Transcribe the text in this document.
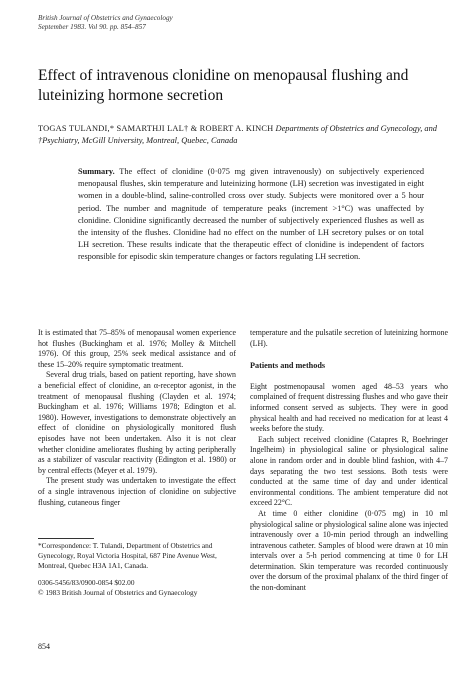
British Journal of Obstetrics and Gynaecology
September 1983. Vol 90. pp. 854–857
Effect of intravenous clonidine on menopausal flushing and luteinizing hormone secretion
TOGAS TULANDI,* SAMARTHJI LAL† & ROBERT A. KINCH Departments of Obstetrics and Gynecology, and †Psychiatry, McGill University, Montreal, Quebec, Canada
Summary. The effect of clonidine (0·075 mg given intravenously) on subjectively experienced menopausal flushes, skin temperature and luteinizing hormone (LH) secretion was investigated in eight women in a double-blind, saline-controlled cross over study. Subjects were monitored over a 5 hour period. The number and magnitude of temperature peaks (increment >1°C) was unaffected by clonidine. Clonidine significantly decreased the number of subjectively experienced flushes as well as the intensity of the flushes. Clonidine had no effect on the number of LH secretory pulses or on total LH secretion. These results indicate that the therapeutic effect of clonidine is independent of factors responsible for episodic skin temperature changes or factors regulating LH secretion.

It is estimated that 75–85% of menopausal women experience hot flushes (Buckingham et al. 1976; Molley & Mitchell 1976). Of this group, 25% seek medical assistance and of these 15–20% require symptomatic treatment.

Several drug trials, based on patient reporting, have shown a beneficial effect of clonidine, an α-receptor agonist, in the treatment of menopausal flushing (Clayden et al. 1974; Buckingham et al. 1976; Williams 1978; Edington et al. 1980). However, investigations to demonstrate objectively an effect of clonidine on physiologically monitored flush episodes have not been undertaken. Also it is not clear whether clonidine ameliorates flushing by acting peripherally as a stabilizer of vascular reactivity (Edington et al. 1980) or by central effects (Meyer et al. 1979).

The present study was undertaken to investigate the effect of a single intravenous injection of clonidine on subjective flushing, cutaneous finger

*Correspondence: T. Tulandi, Department of Obstetrics and Gynecology, Royal Victoria Hospital, 687 Pine Avenue West, Montreal, Quebec H3A 1A1, Canada.

0306-5456/83/0900-0854 $02.00

© 1983 British Journal of Obstetrics and Gynaecology

temperature and the pulsatile secretion of luteinizing hormone (LH).

Patients and methods

Eight postmenopausal women aged 48–53 years who complained of frequent distressing flushes and who gave their informed consent served as subjects. They were in good physical health and had received no medication for at least 4 weeks before the study.

Each subject received clonidine (Catapres R, Boehringer Ingelheim) in physiological saline or physiological saline alone in random order and in double blind fashion, with 4–7 days separating the two test sessions. Both tests were conducted at the same time of day and under identical environmental conditions. The ambient temperature did not exceed 22°C.

At time 0 either clonidine (0·075 mg) in 10 ml physiological saline or physiological saline alone was injected intravenously over a 10-min period through an indwelling intravenous catheter. Samples of blood were drawn at 10 min intervals over a 5-h period commencing at time 0 for LH determination. Skin temperature was recorded continuously over the dorsum of the proximal phalanx of the third finger of the non-dominant

854
